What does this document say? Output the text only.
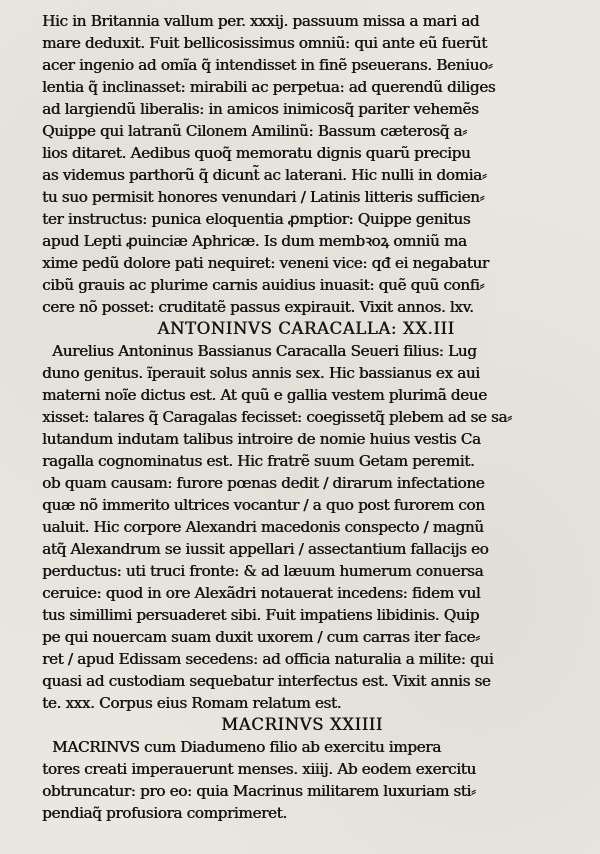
Hic in Britannia vallum per. xxxij. passuum missa a mari ad
mare deduxit. Fuit bellicosissimus omniũ: qui ante eũ fuerũt
acer ingenio ad omĩa q̃ intendisset in finẽ pseuerans. Beniuo⸗
lentia q̃ inclinasset: mirabili ac perpetua: ad querendũ diliges
ad largiendũ liberalis: in amicos inimicosq̃ pariter vehemẽs
Quippe qui latranũ Cilonem Amilinũ: Bassum cæterosq̃ a⸗
lios ditaret. Aedibus quoq̃ memoratu dignis quarũ precipu
as videmus parthorũ q̃ dicunt̃ ac laterani. Hic nulli in domia⸗
tu suo permisit honores venundari / Latinis litteris sufficien⸗
ter instructus: punica eloquentia ꝓmptior: Quippe genitus
apud Lepti ꝓuinciæ Aphricæ. Is dum membꝛoꝝ omniũ ma
xime pedũ dolore pati nequiret: veneni vice: qđ ei negabatur
cibũ grauis ac plurime carnis auidius inuasit: quẽ quũ confi⸗
cere nõ posset: cruditatẽ passus expirauit. Vixit annos. lxv.
ANTONINVS CARACALLA: XX.III
Aurelius Antoninus Bassianus Caracalla Seueri filius: Lug
duno genitus. ĩperauit solus annis sex. Hic bassianus ex aui
materni noĩe dictus est. At quũ e gallia vestem plurimã deue
xisset: talares q̃ Caragalas fecisset: coegissetq̃ plebem ad se sa⸗
lutandum indutam talibus introire de nomie huius vestis Ca
ragalla cognominatus est. Hic fratrẽ suum Getam peremit.
ob quam causam: furore pœnas dedit / dirarum infectatione
quæ nõ immerito ultrices vocantur / a quo post furorem con
ualuit. Hic corpore Alexandri macedonis conspecto / magnũ
atq̃ Alexandrum se iussit appellari / assectantium fallacijs eo
perductus: uti truci fronte: & ad læuum humerum conuersa
ceruice: quod in ore Alexãdri notauerat incedens: fidem vul
tus simillimi persuaderet sibi. Fuit impatiens libidinis. Quip
pe qui nouercam suam duxit uxorem / cum carras iter face⸗
ret / apud Edissam secedens: ad officia naturalia a milite: qui
quasi ad custodiam sequebatur interfectus est. Vixit annis se
te. xxx. Corpus eius Romam relatum est.
MACRINVS XXIIII
MACRINVS cum Diadumeno filio ab exercitu impera
tores creati imperauerunt menses. xiiij. Ab eodem exercitu
obtruncatur: pro eo: quia Macrinus militarem luxuriam sti⸗
pendiaq̃ profusiora comprimeret.
